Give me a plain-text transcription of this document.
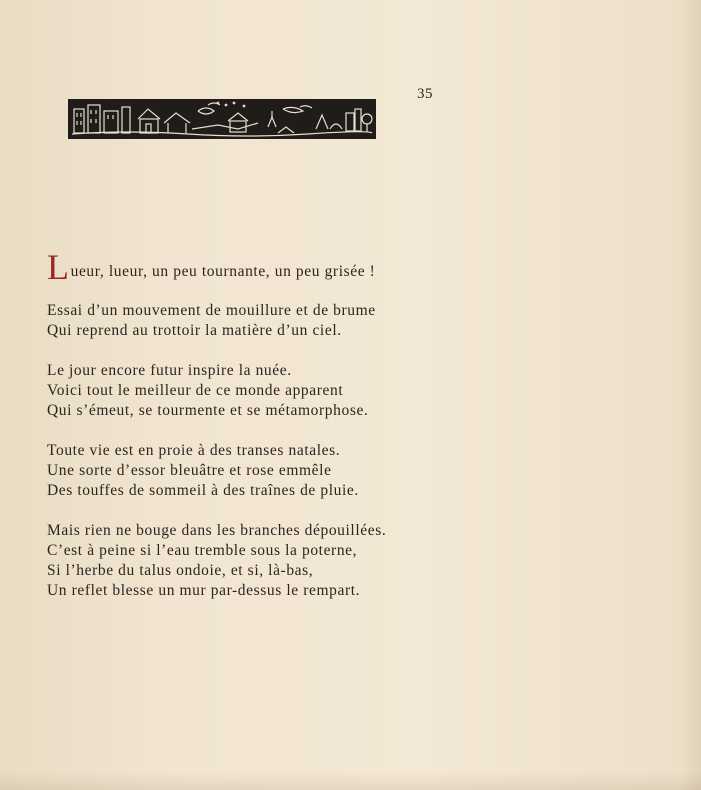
35
L ueur, lueur, un peu tournante, un peu grisée !
Essai d’un mouvement de mouillure et de brume
Qui reprend au trottoir la matière d’un ciel.
Le jour encore futur inspire la nuée.
Voici tout le meilleur de ce monde apparent
Qui s’émeut, se tourmente et se métamorphose.
Toute vie est en proie à des transes natales.
Une sorte d’essor bleuâtre et rose emmêle
Des touffes de sommeil à des traînes de pluie.
Mais rien ne bouge dans les branches dépouillées.
C’est à peine si l’eau tremble sous la poterne,
Si l’herbe du talus ondoie, et si, là-bas,
Un reflet blesse un mur par-dessus le rempart.
